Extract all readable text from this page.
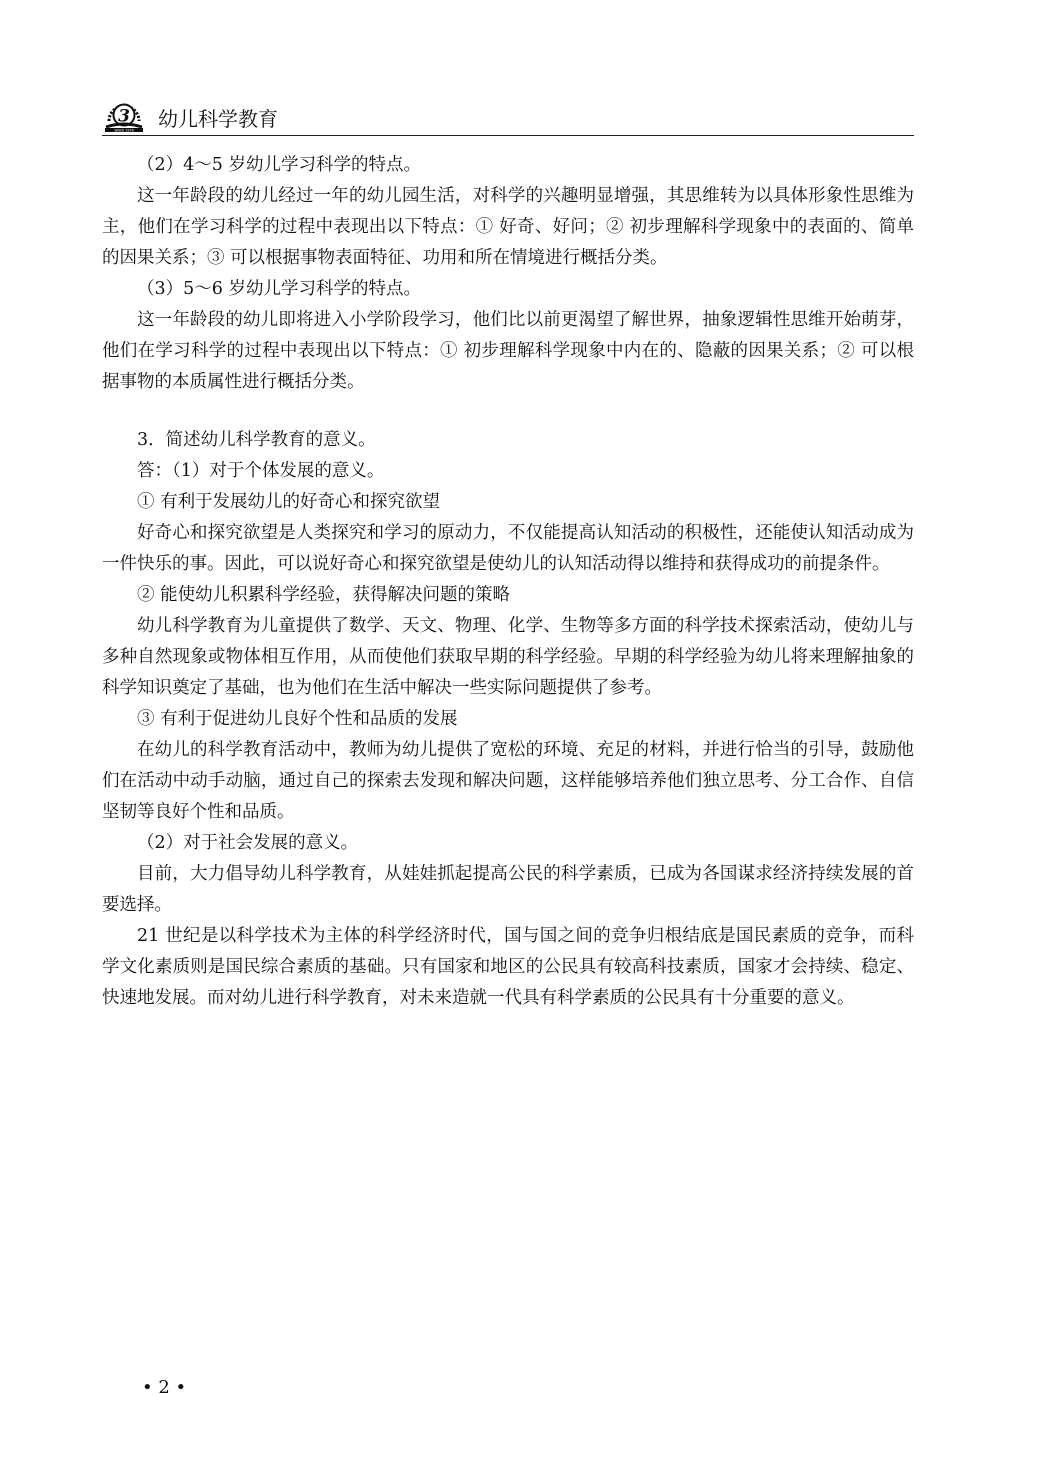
3
SINCE 1978 幼儿科学教育

（2）4～5 岁幼儿学习科学的特点。

这一年龄段的幼儿经过一年的幼儿园生活，对科学的兴趣明显增强，其思维转为以具体形象性思维为主，他们在学习科学的过程中表现出以下特点：① 好奇、好问；② 初步理解科学现象中的表面的、简单的因果关系；③ 可以根据事物表面特征、功用和所在情境进行概括分类。

（3）5～6 岁幼儿学习科学的特点。

这一年龄段的幼儿即将进入小学阶段学习，他们比以前更渴望了解世界，抽象逻辑性思维开始萌芽，他们在学习科学的过程中表现出以下特点：① 初步理解科学现象中内在的、隐蔽的因果关系；② 可以根据事物的本质属性进行概括分类。

3．简述幼儿科学教育的意义。

答：（1）对于个体发展的意义。

① 有利于发展幼儿的好奇心和探究欲望

好奇心和探究欲望是人类探究和学习的原动力，不仅能提高认知活动的积极性，还能使认知活动成为一件快乐的事。因此，可以说好奇心和探究欲望是使幼儿的认知活动得以维持和获得成功的前提条件。

② 能使幼儿积累科学经验，获得解决问题的策略

幼儿科学教育为儿童提供了数学、天文、物理、化学、生物等多方面的科学技术探索活动，使幼儿与多种自然现象或物体相互作用，从而使他们获取早期的科学经验。早期的科学经验为幼儿将来理解抽象的科学知识奠定了基础，也为他们在生活中解决一些实际问题提供了参考。

③ 有利于促进幼儿良好个性和品质的发展

在幼儿的科学教育活动中，教师为幼儿提供了宽松的环境、充足的材料，并进行恰当的引导，鼓励他们在活动中动手动脑，通过自己的探索去发现和解决问题，这样能够培养他们独立思考、分工合作、自信坚韧等良好个性和品质。

（2）对于社会发展的意义。

目前，大力倡导幼儿科学教育，从娃娃抓起提高公民的科学素质，已成为各国谋求经济持续发展的首要选择。

21 世纪是以科学技术为主体的科学经济时代，国与国之间的竞争归根结底是国民素质的竞争，而科学文化素质则是国民综合素质的基础。只有国家和地区的公民具有较高科技素质，国家才会持续、稳定、快速地发展。而对幼儿进行科学教育，对未来造就一代具有科学素质的公民具有十分重要的意义。

• 2 •
